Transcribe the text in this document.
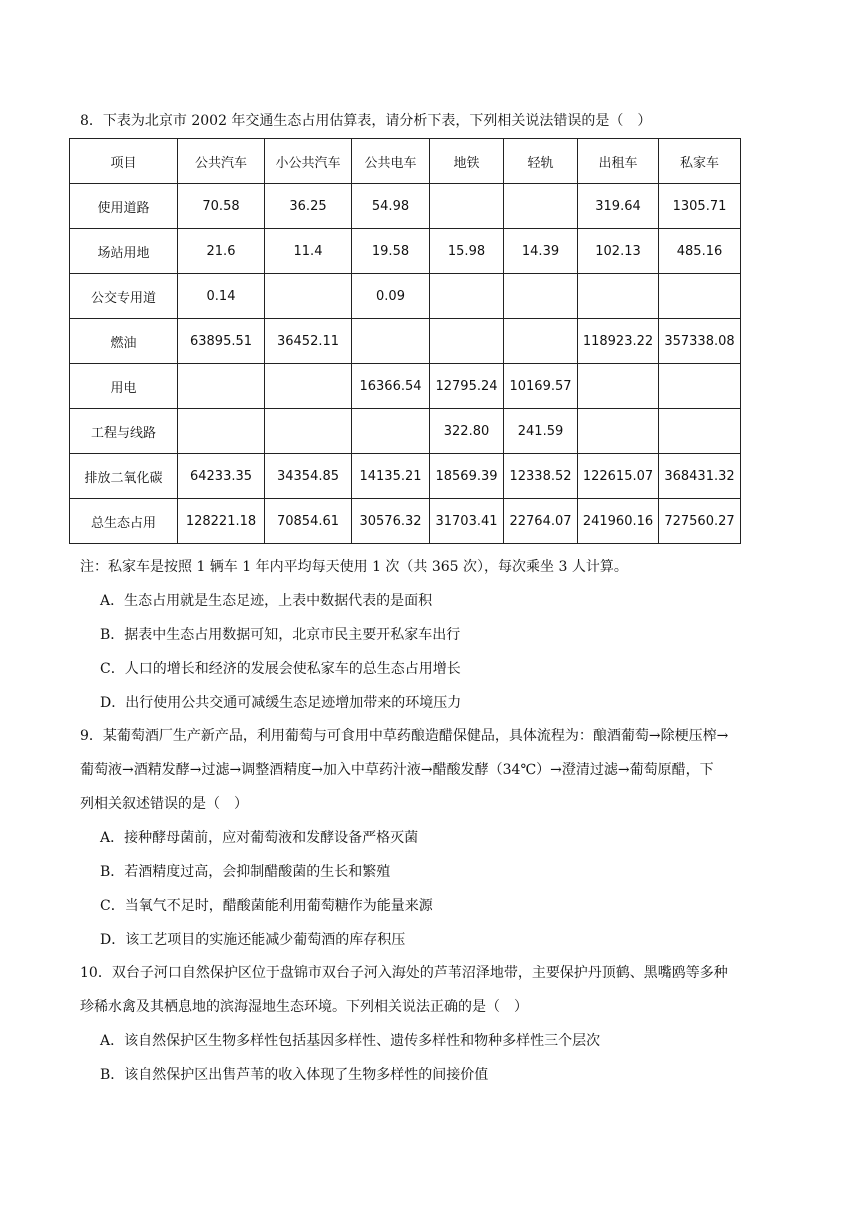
8．下表为北京市 2002 年交通生态占用估算表，请分析下表，下列相关说法错误的是（　）
项目	公共汽车	小公共汽车	公共电车	地铁	轻轨	出租车	私家车
使用道路	70.58	36.25	54.98			319.64	1305.71
场站用地	21.6	11.4	19.58	15.98	14.39	102.13	485.16
公交专用道	0.14		0.09				
燃油	63895.51	36452.11				118923.22	357338.08
用电			16366.54	12795.24	10169.57		
工程与线路				322.80	241.59		
排放二氧化碳	64233.35	34354.85	14135.21	18569.39	12338.52	122615.07	368431.32
总生态占用	128221.18	70854.61	30576.32	31703.41	22764.07	241960.16	727560.27
注：私家车是按照 1 辆车 1 年内平均每天使用 1 次（共 365 次），每次乘坐 3 人计算。
A．生态占用就是生态足迹，上表中数据代表的是面积
B．据表中生态占用数据可知，北京市民主要开私家车出行
C．人口的增长和经济的发展会使私家车的总生态占用增长
D．出行使用公共交通可减缓生态足迹增加带来的环境压力
9．某葡萄酒厂生产新产品，利用葡萄与可食用中草药酿造醋保健品，具体流程为：酿酒葡萄→除梗压榨→
葡萄液→酒精发酵→过滤→调整酒精度→加入中草药汁液→醋酸发酵（34℃）→澄清过滤→葡萄原醋，下
列相关叙述错误的是（　）
A．接种酵母菌前，应对葡萄液和发酵设备严格灭菌
B．若酒精度过高，会抑制醋酸菌的生长和繁殖
C．当氧气不足时，醋酸菌能利用葡萄糖作为能量来源
D．该工艺项目的实施还能减少葡萄酒的库存积压
10．双台子河口自然保护区位于盘锦市双台子河入海处的芦苇沼泽地带，主要保护丹顶鹤、黑嘴鸥等多种
珍稀水禽及其栖息地的滨海湿地生态环境。下列相关说法正确的是（　）
A．该自然保护区生物多样性包括基因多样性、遗传多样性和物种多样性三个层次
B．该自然保护区出售芦苇的收入体现了生物多样性的间接价值
